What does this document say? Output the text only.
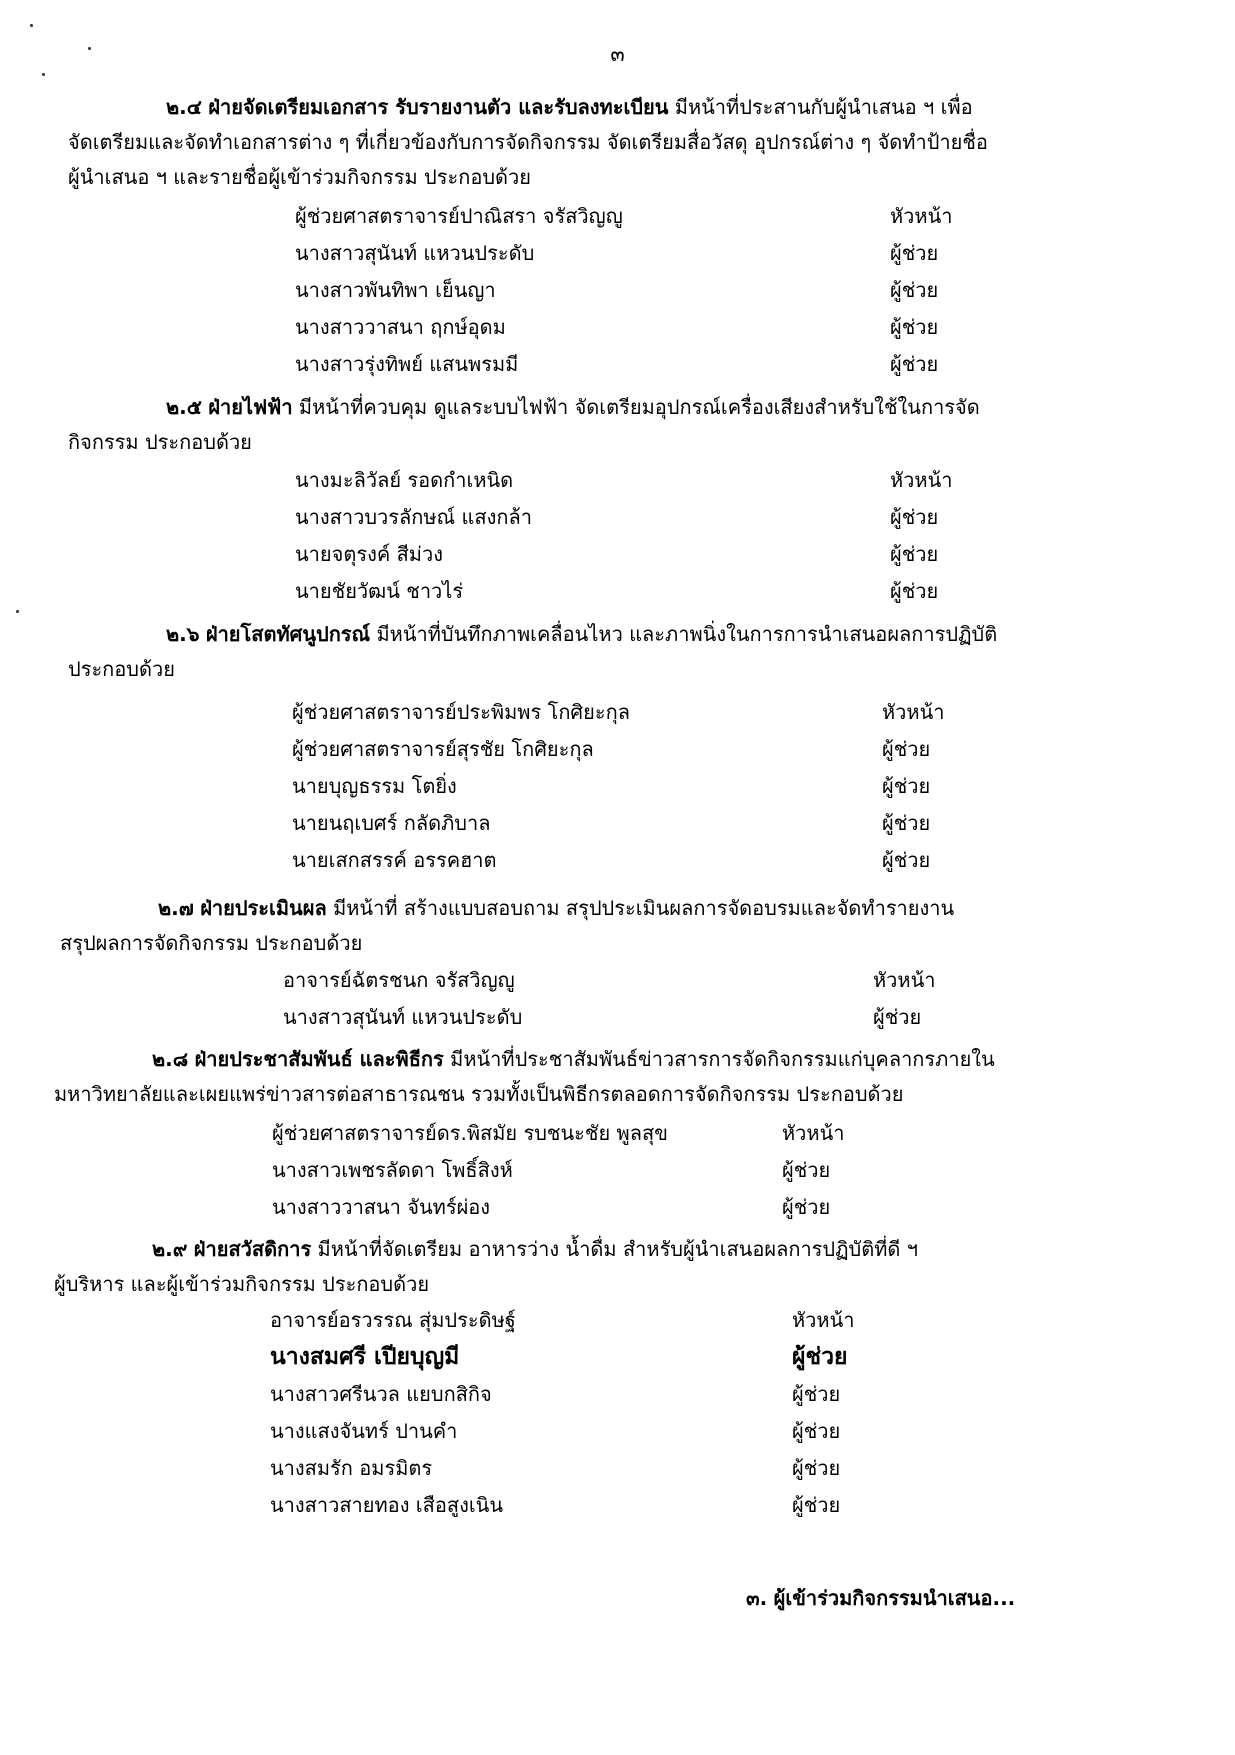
๓

๒.๔ ฝ่ายจัดเตรียมเอกสาร รับรายงานตัว และรับลงทะเบียน มีหน้าที่ประสานกับผู้นำเสนอ ฯ เพื่อ

จัดเตรียมและจัดทำเอกสารต่าง ๆ ที่เกี่ยวข้องกับการจัดกิจกรรม จัดเตรียมสื่อวัสดุ อุปกรณ์ต่าง ๆ จัดทำป้ายชื่อ

ผู้นำเสนอ ฯ และรายชื่อผู้เข้าร่วมกิจกรรม ประกอบด้วย

ผู้ช่วยศาสตราจารย์ปาณิสรา จรัสวิญญู	หัวหน้า
นางสาวสุนันท์ แหวนประดับ	ผู้ช่วย
นางสาวพันทิพา เย็นญา	ผู้ช่วย
นางสาววาสนา ฤกษ์อุดม	ผู้ช่วย
นางสาวรุ่งทิพย์ แสนพรมมี	ผู้ช่วย

๒.๕ ฝ่ายไฟฟ้า มีหน้าที่ควบคุม ดูแลระบบไฟฟ้า จัดเตรียมอุปกรณ์เครื่องเสียงสำหรับใช้ในการจัด

กิจกรรม ประกอบด้วย

นางมะลิวัลย์ รอดกำเหนิด	หัวหน้า
นางสาวบวรลักษณ์ แสงกล้า	ผู้ช่วย
นายจตุรงค์ สีม่วง	ผู้ช่วย
นายชัยวัฒน์ ชาวไร่	ผู้ช่วย

๒.๖ ฝ่ายโสตทัศนูปกรณ์ มีหน้าที่บันทึกภาพเคลื่อนไหว และภาพนิ่งในการการนำเสนอผลการปฏิบัติ

ประกอบด้วย

ผู้ช่วยศาสตราจารย์ประพิมพร โกศิยะกุล	หัวหน้า
ผู้ช่วยศาสตราจารย์สุรชัย โกศิยะกุล	ผู้ช่วย
นายบุญธรรม โตยิ่ง	ผู้ช่วย
นายนฤเบศร์ กลัดภิบาล	ผู้ช่วย
นายเสกสรรค์ อรรคฮาต	ผู้ช่วย

๒.๗ ฝ่ายประเมินผล มีหน้าที่ สร้างแบบสอบถาม สรุปประเมินผลการจัดอบรมและจัดทำรายงาน

สรุปผลการจัดกิจกรรม ประกอบด้วย

อาจารย์ฉัตรชนก จรัสวิญญู	หัวหน้า
นางสาวสุนันท์ แหวนประดับ	ผู้ช่วย

๒.๘ ฝ่ายประชาสัมพันธ์ และพิธีกร มีหน้าที่ประชาสัมพันธ์ข่าวสารการจัดกิจกรรมแก่บุคลากรภายใน

มหาวิทยาลัยและเผยแพร่ข่าวสารต่อสาธารณชน รวมทั้งเป็นพิธีกรตลอดการจัดกิจกรรม ประกอบด้วย

ผู้ช่วยศาสตราจารย์ดร.พิสมัย รบชนะชัย พูลสุข	หัวหน้า
นางสาวเพชรลัดดา โพธิ์สิงห์	ผู้ช่วย
นางสาววาสนา จันทร์ผ่อง	ผู้ช่วย

๒.๙ ฝ่ายสวัสดิการ มีหน้าที่จัดเตรียม อาหารว่าง น้ำดื่ม สำหรับผู้นำเสนอผลการปฏิบัติที่ดี ฯ

ผู้บริหาร และผู้เข้าร่วมกิจกรรม ประกอบด้วย

อาจารย์อรวรรณ สุ่มประดิษฐ์	หัวหน้า
นางสมศรี เปียบุญมี	ผู้ช่วย
นางสาวศรีนวล แยบกสิกิจ	ผู้ช่วย
นางแสงจันทร์ ปานคำ	ผู้ช่วย
นางสมรัก อมรมิตร	ผู้ช่วย
นางสาวสายทอง เสือสูงเนิน	ผู้ช่วย
๓. ผู้เข้าร่วมกิจกรรมนำเสนอ...
